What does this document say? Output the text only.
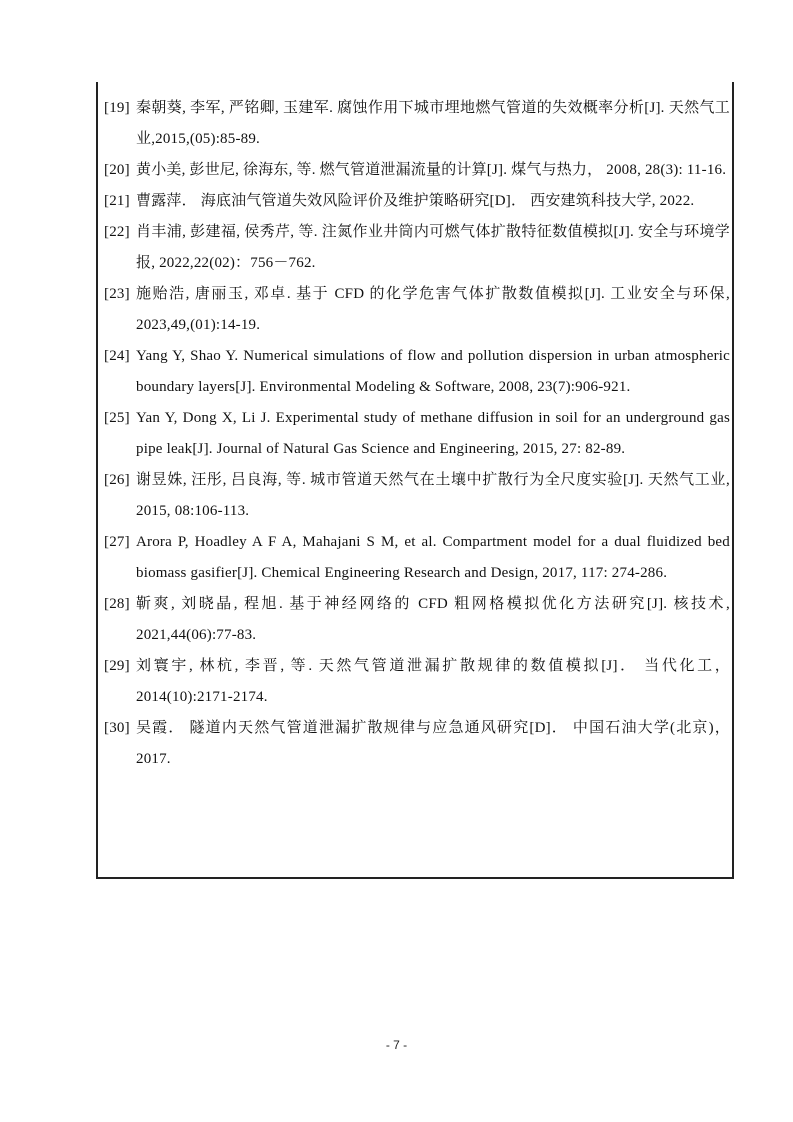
[19] 秦朝葵, 李军, 严铭卿, 玉建军. 腐蚀作用下城市埋地燃气管道的失效概率分析[J]. 天然气工业,2015,(05):85-89.
[20] 黄小美, 彭世尼, 徐海东, 等. 燃气管道泄漏流量的计算[J]. 煤气与热力， 2008, 28(3): 11-16.
[21] 曹露萍． 海底油气管道失效风险评价及维护策略研究[D]． 西安建筑科技大学, 2022.
[22] 肖丰浦, 彭建福, 侯秀芹, 等. 注氮作业井筒内可燃气体扩散特征数值模拟[J]. 安全与环境学报, 2022,22(02)：756－762.
[23] 施贻浩, 唐丽玉, 邓卓. 基于 CFD 的化学危害气体扩散数值模拟[J]. 工业安全与环保, 2023,49,(01):14-19.
[24] Yang Y, Shao Y. Numerical simulations of flow and pollution dispersion in urban atmospheric boundary layers[J]. Environmental Modeling & Software, 2008, 23(7):906-921.
[25] Yan Y, Dong X, Li J. Experimental study of methane diffusion in soil for an underground gas pipe leak[J]. Journal of Natural Gas Science and Engineering, 2015, 27: 82-89.
[26] 谢昱姝, 汪彤, 吕良海, 等. 城市管道天然气在土壤中扩散行为全尺度实验[J]. 天然气工业, 2015, 08:106-113.
[27] Arora P, Hoadley A F A, Mahajani S M, et al. Compartment model for a dual fluidized bed biomass gasifier[J]. Chemical Engineering Research and Design, 2017, 117: 274-286.
[28] 靳爽, 刘晓晶, 程旭. 基于神经网络的 CFD 粗网格模拟优化方法研究[J]. 核技术, 2021,44(06):77-83.
[29] 刘寰宇, 林杭, 李晋, 等. 天然气管道泄漏扩散规律的数值模拟[J]． 当代化工， 2014(10):2171-2174.
[30] 吴霞． 隧道内天然气管道泄漏扩散规律与应急通风研究[D]． 中国石油大学(北京)， 2017.
- 7 -
